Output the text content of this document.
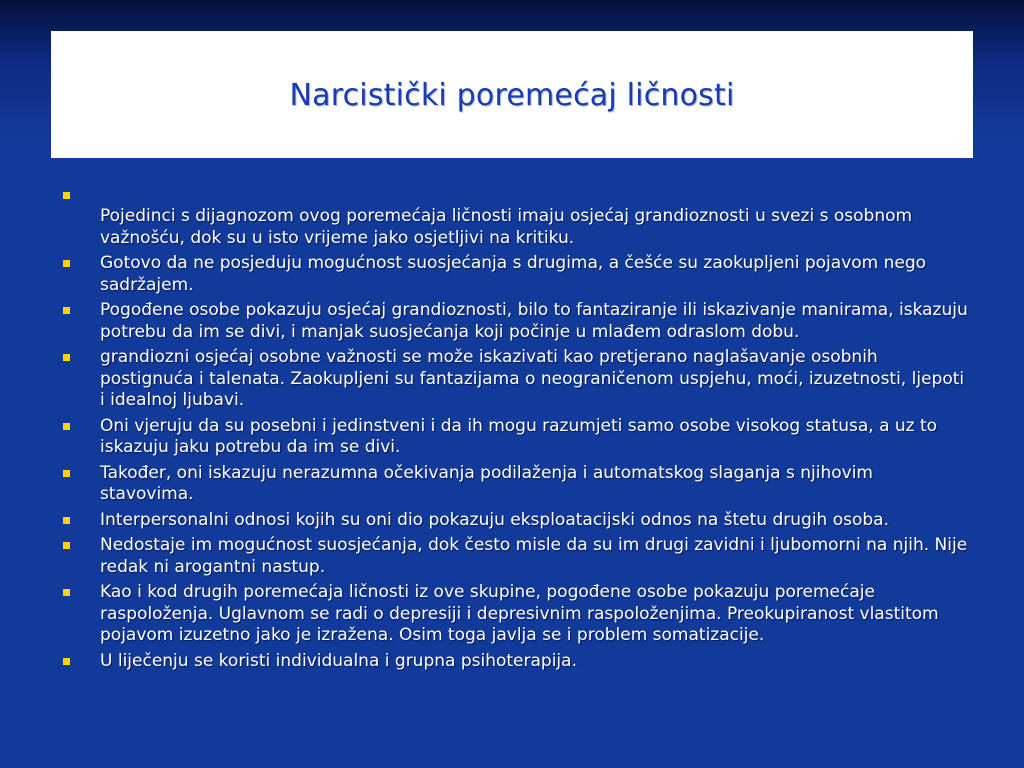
Narcistički poremećaj ličnosti
Pojedinci s dijagnozom ovog poremećaja ličnosti imaju osjećaj grandioznosti u svezi s osobnom važnošću, dok su u isto vrijeme jako osjetljivi na kritiku.
Gotovo da ne posjeduju mogućnost suosjećanja s drugima, a češće su zaokupljeni pojavom nego sadržajem.
Pogođene osobe pokazuju osjećaj grandioznosti, bilo to fantaziranje ili iskazivanje manirama, iskazuju potrebu da im se divi, i manjak suosjećanja koji počinje u mlađem odraslom dobu.
grandiozni osjećaj osobne važnosti se može iskazivati kao pretjerano naglašavanje osobnih postignuća i talenata. Zaokupljeni su fantazijama o neograničenom uspjehu, moći, izuzetnosti, ljepoti i idealnoj ljubavi.
Oni vjeruju da su posebni i jedinstveni i da ih mogu razumjeti samo osobe visokog statusa, a uz to iskazuju jaku potrebu da im se divi.
Također, oni iskazuju nerazumna očekivanja podilaženja i automatskog slaganja s njihovim stavovima.
Interpersonalni odnosi kojih su oni dio pokazuju eksploatacijski odnos na štetu drugih osoba.
Nedostaje im mogućnost suosjećanja, dok često misle da su im drugi zavidni i ljubomorni na njih. Nije redak ni arogantni nastup.
Kao i kod drugih poremećaja ličnosti iz ove skupine, pogođene osobe pokazuju poremećaje raspoloženja. Uglavnom se radi o depresiji i depresivnim raspoloženjima. Preokupiranost vlastitom pojavom izuzetno jako je izražena. Osim toga javlja se i problem somatizacije.
U liječenju se koristi individualna i grupna psihoterapija.
